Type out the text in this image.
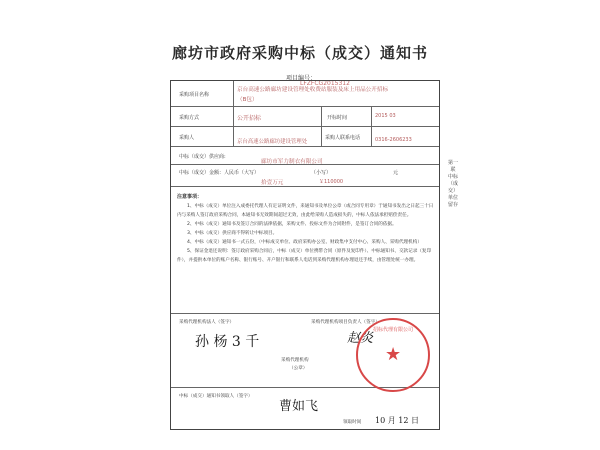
廊坊市政府采购中标（成交）通知书
项目编号：
LFZFCG2015312
采购项目名称
京台高速公路廊坊建设管理处收费站服装及床上用品公开招标
（B包）
采购方式	公开招标	开标时间	2015 03
采购人
京台高速公路廊坊建设管理处
采购人联系电话	0316-2606233
中标（成交）供应商:
廊坊市军力制衣有限公司
中标（成交）金额：人民币（大写）	（小写）	元
拾壹万元	￥110000
注意事项：
1、中标（成交）单位注入成委托代理人有定证明文件，来通知书及单位公章（或合同专用章）于通知书发出之日起三十日内与采购人签订政府采购合同，本通知书无效期间超过无效，由此给采购人造成损失的，中标人依法承担赔偿责任。
2、中标（成交）通知书及签订合同的法律依据，采购文件、投标文件为合同附件，是签订合同的依据。
3、中标（成交）供应商不得转让中标项目。
4、中标（成交）通知书一式五份，（中标成交单位、政府采购办公室、财政集中支付中心、采购人、采购代理机构）
5、保证金退还说明：签订政府采购合同后，中标（成交）单位携带合同（原件及复印件）、中标通知书、交款记录（复印件），并提供本单位的账户名称、银行账号、开户银行和联系人电话到采购代理机构办理退还手续，由管理处统一办理。
采购代理机构法人（签字）
孙 杨 3 千
采购代理机构项目负责人（签字）
赵炎
采购代理机构
（公章）
中标（成交）通知书领取人（签字）
曹如飞
领取时间 10 月 12 日
第一联 中标（成交）单位留存
招标代理有限公司
★
